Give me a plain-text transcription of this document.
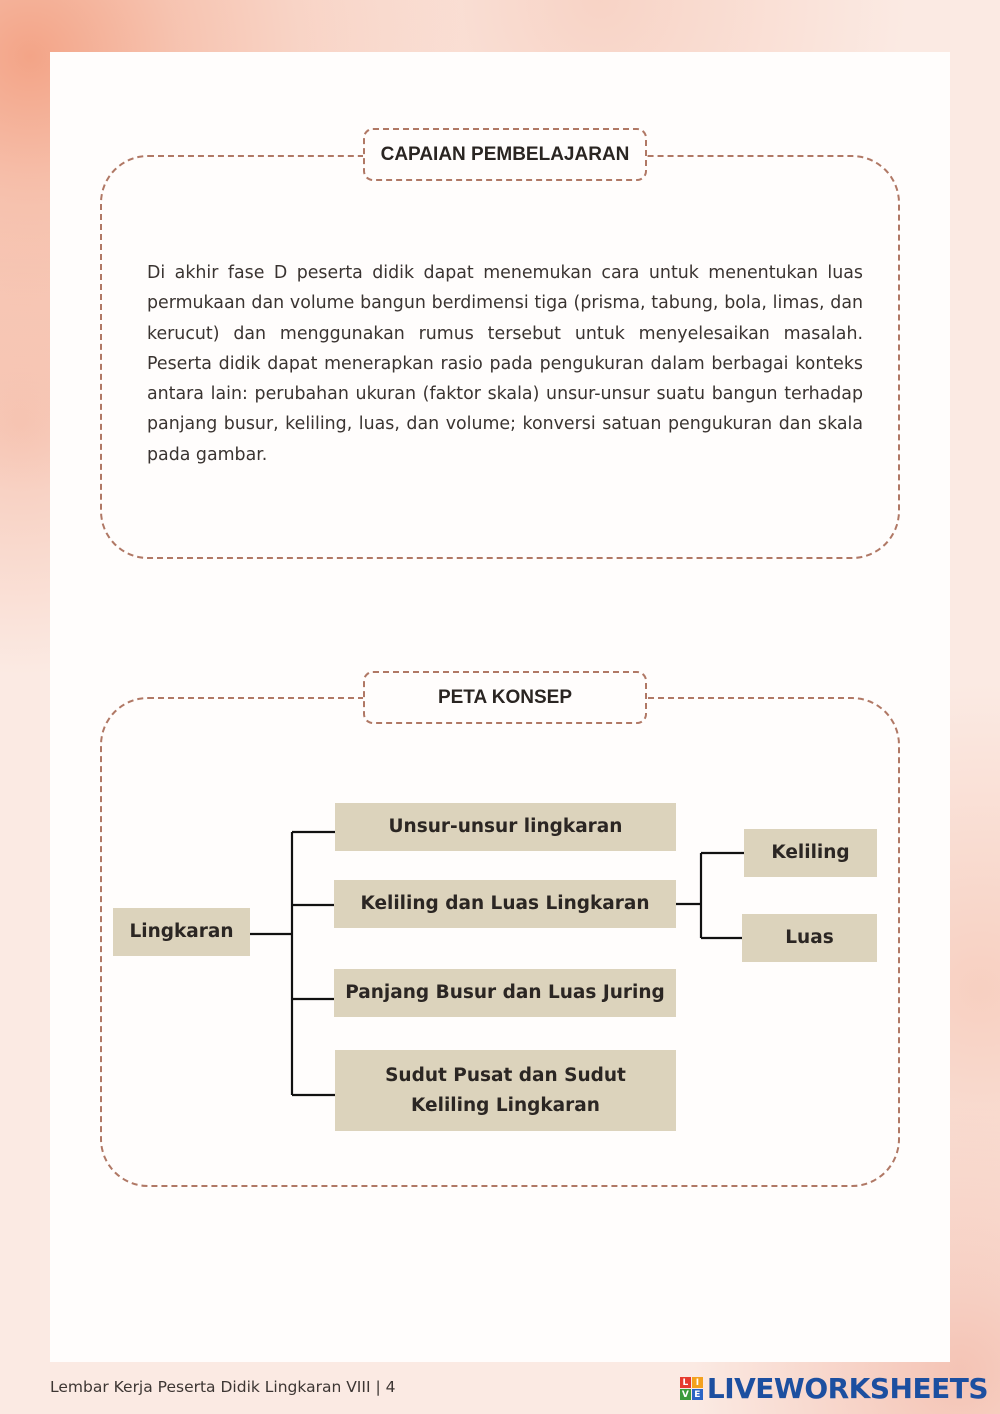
CAPAIAN PEMBELAJARAN
Di akhir fase D peserta didik dapat menemukan cara untuk menentukan luas permukaan dan volume bangun berdimensi tiga (prisma, tabung, bola, limas, dan kerucut) dan menggunakan rumus tersebut untuk menyelesaikan masalah. Peserta didik dapat menerapkan rasio pada pengukuran dalam berbagai konteks antara lain: perubahan ukuran (faktor skala) unsur-unsur suatu bangun terhadap panjang busur, keliling, luas, dan volume; konversi satuan pengukuran dan skala pada gambar.
PETA KONSEP
Lingkaran
Unsur-unsur lingkaran
Keliling dan Luas Lingkaran
Panjang Busur dan Luas Juring
Sudut Pusat dan Sudut Keliling Lingkaran
Keliling
Luas
Lembar Kerja Peserta Didik Lingkaran VIII | 4	L I
V E LIVEWORKSHEETS
